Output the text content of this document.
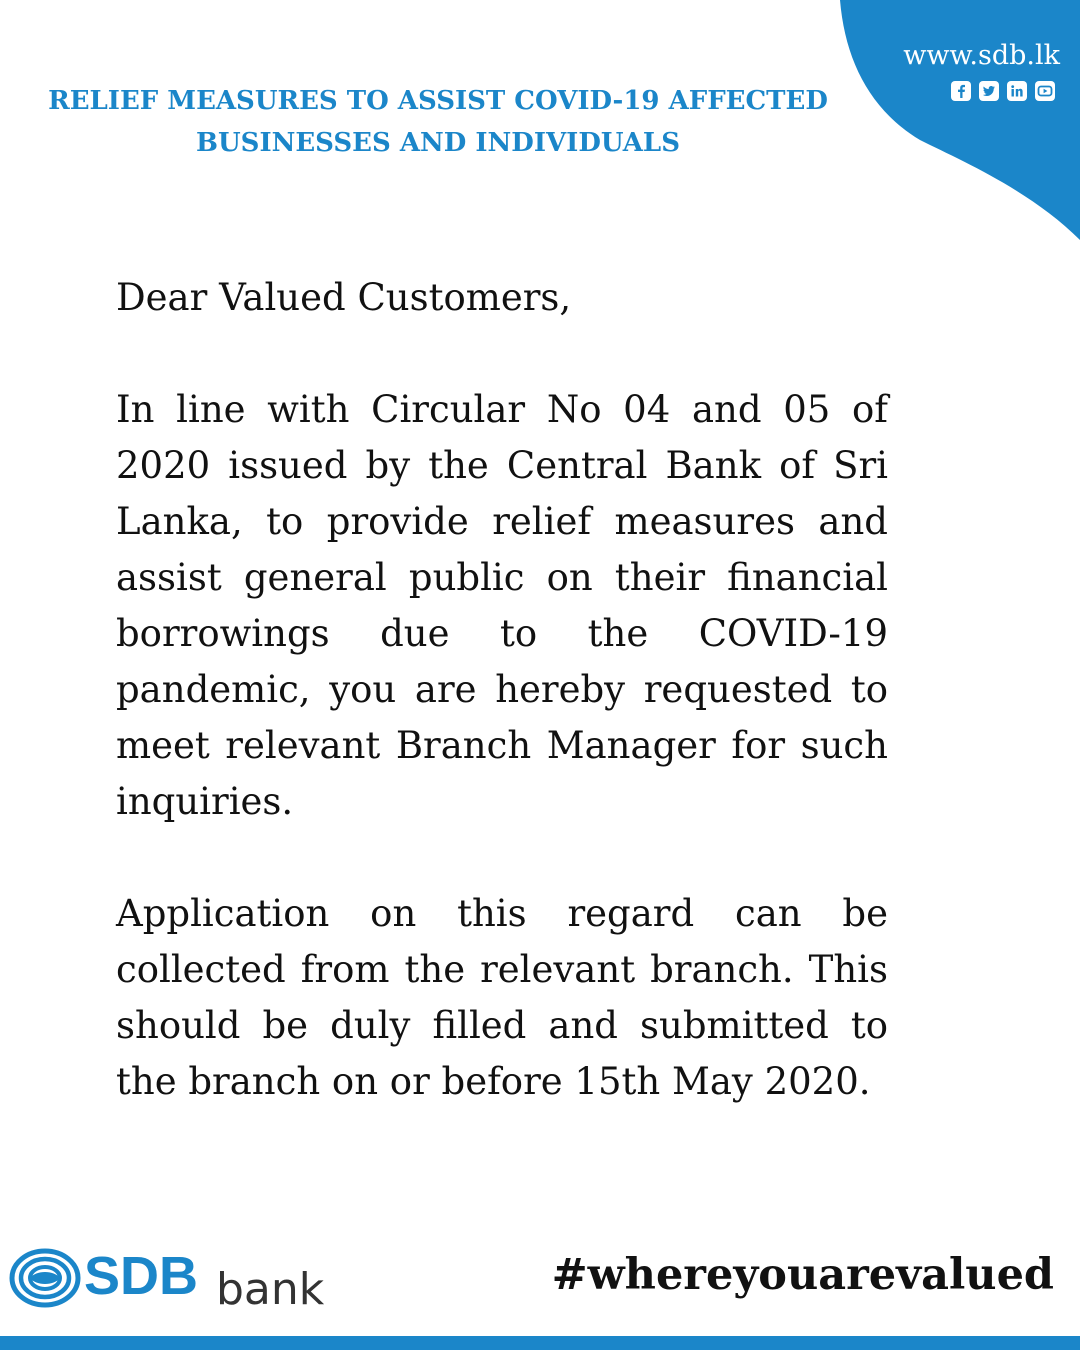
www.sdb.lk

RELIEF MEASURES TO ASSIST COVID-19 AFFECTED
BUSINESSES AND INDIVIDUALS

Dear Valued Customers,

In line with Circular No 04 and 05 of 2020 issued by the Central Bank of Sri Lanka, to provide relief measures and assist general public on their financial borrowings due to the COVID-19 pandemic, you are hereby requested to meet relevant Branch Manager for such inquiries.

Application on this regard can be collected from the relevant branch. This should be duly filled and submitted to the branch on or before 15th May 2020.

SDB bank	#whereyouarevalued
